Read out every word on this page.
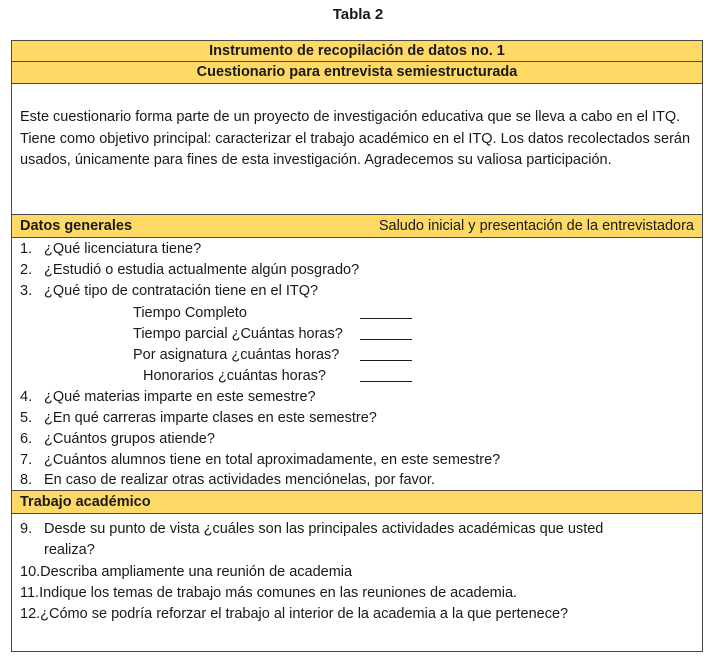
Tabla 2
Instrumento de recopilación de datos no. 1
Cuestionario para entrevista semiestructurada
Este cuestionario forma parte de un proyecto de investigación educativa que se lleva a cabo en el ITQ. Tiene como objetivo principal: caracterizar el trabajo académico en el ITQ. Los datos recolectados serán usados, únicamente para fines de esta investigación. Agradecemos su valiosa participación.
Datos generales	Saludo inicial y presentación de la entrevistadora
1. ¿Qué licenciatura tiene?
2. ¿Estudió o estudia actualmente algún posgrado?
3. ¿Qué tipo de contratación tiene en el ITQ?
Tiempo Completo
Tiempo parcial ¿Cuántas horas?
Por asignatura ¿cuántas horas?
Honorarios ¿cuántas horas?
4. ¿Qué materias imparte en este semestre?
5. ¿En qué carreras imparte clases en este semestre?
6. ¿Cuántos grupos atiende?
7. ¿Cuántos alumnos tiene en total aproximadamente, en este semestre?
8. En caso de realizar otras actividades menciónelas, por favor.
Trabajo académico
9. Desde su punto de vista ¿cuáles son las principales actividades académicas que usted
realiza?
10.Describa ampliamente una reunión de academia
11.Indique los temas de trabajo más comunes en las reuniones de academia.
12.¿Cómo se podría reforzar el trabajo al interior de la academia a la que pertenece?
